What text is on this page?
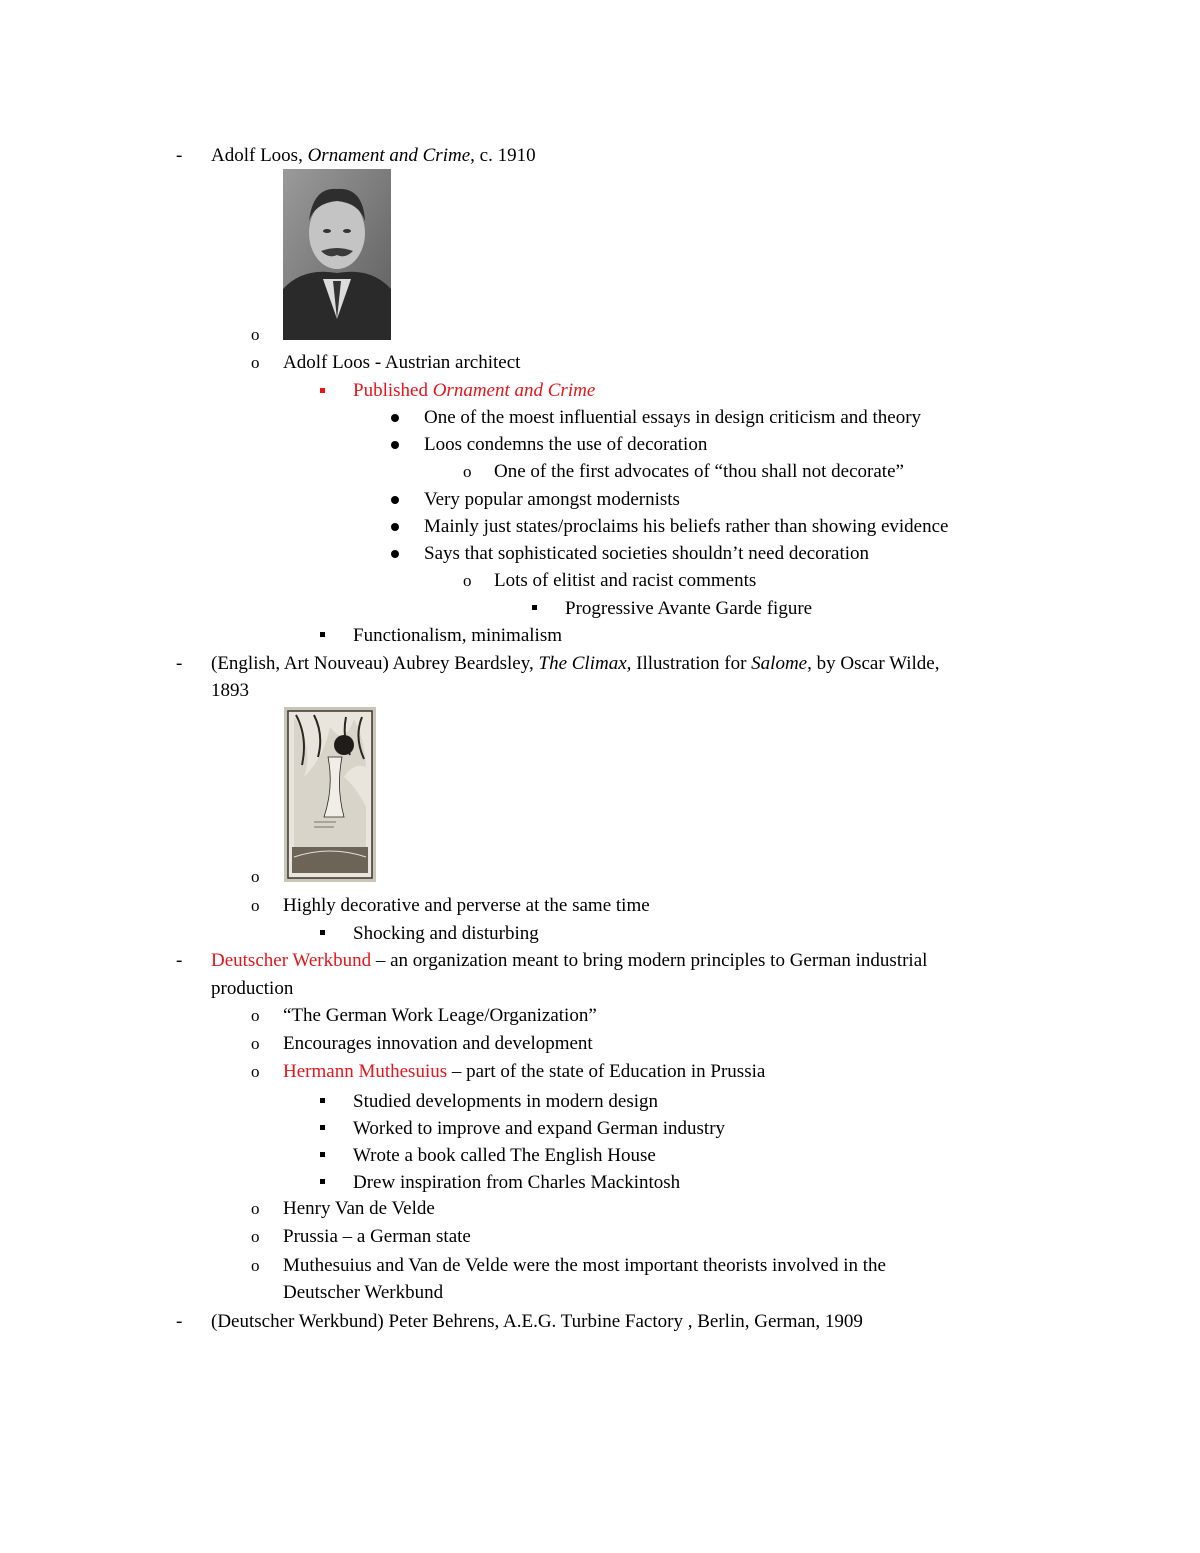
- Adolf Loos, Ornament and Crime, c. 1910
o
o Adolf Loos - Austrian architect
Published Ornament and Crime
One of the moest influential essays in design criticism and theory
Loos condemns the use of decoration
o One of the first advocates of “thou shall not decorate”
Very popular amongst modernists
Mainly just states/proclaims his beliefs rather than showing evidence
Says that sophisticated societies shouldn’t need decoration
o Lots of elitist and racist comments
Progressive Avante Garde figure
Functionalism, minimalism
- (English, Art Nouveau) Aubrey Beardsley, The Climax, Illustration for Salome, by Oscar Wilde,
1893
o
o Highly decorative and perverse at the same time
Shocking and disturbing
- Deutscher Werkbund – an organization meant to bring modern principles to German industrial
production
o “The German Work Leage/Organization”
o Encourages innovation and development
o Hermann Muthesuius – part of the state of Education in Prussia
Studied developments in modern design
Worked to improve and expand German industry
Wrote a book called The English House
Drew inspiration from Charles Mackintosh
o Henry Van de Velde
o Prussia – a German state
o Muthesuius and Van de Velde were the most important theorists involved in the
Deutscher Werkbund
- (Deutscher Werkbund) Peter Behrens, A.E.G. Turbine Factory , Berlin, German, 1909
